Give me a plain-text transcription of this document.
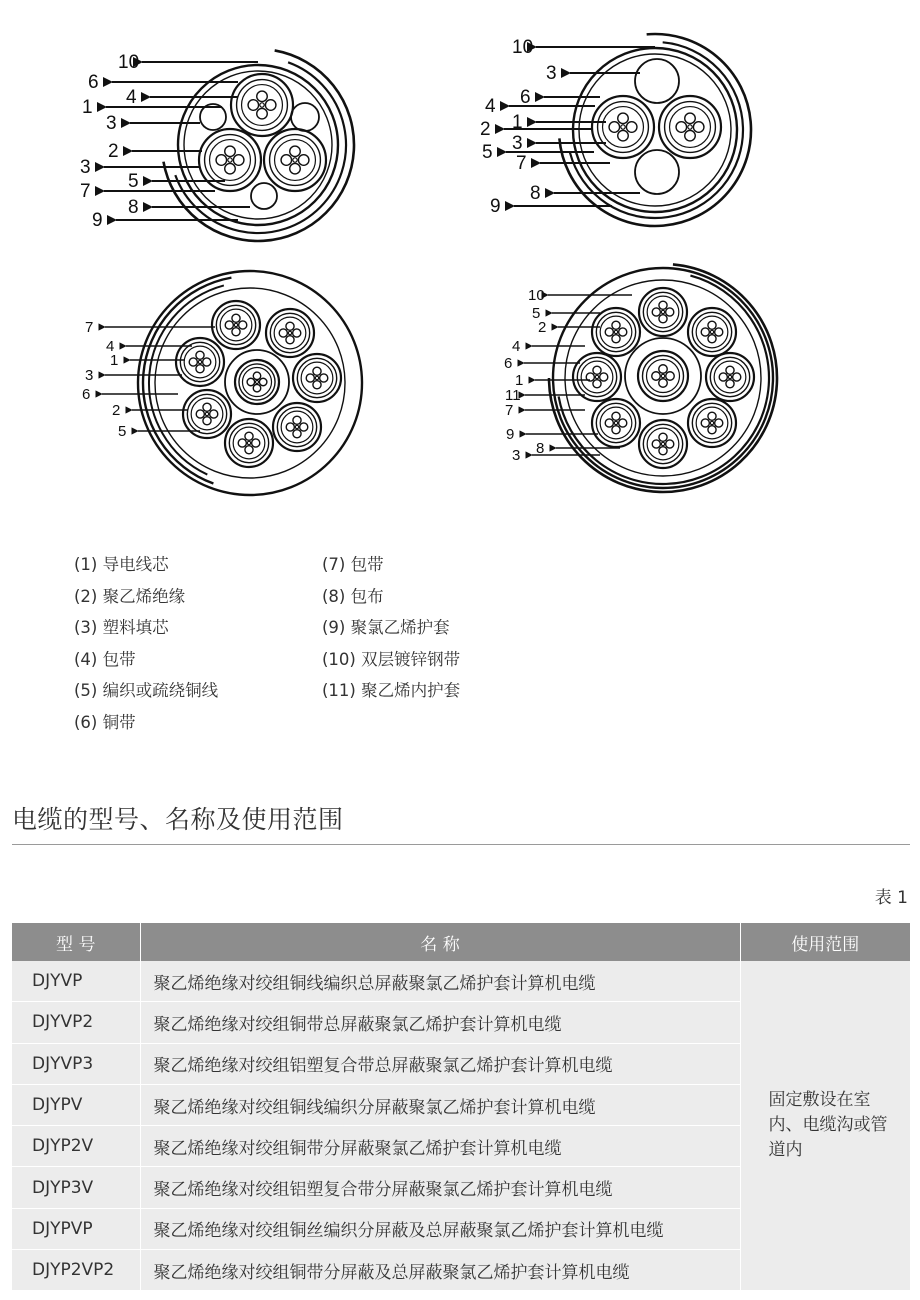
10
6
4
1
3
2
3
5
7
8
9
10
3
6
4
1
2
3
5
7
8
9
7
4
1
3
6
2
5
10
5
2
4
6
1
11
7
9
8
3
(1) 导电线芯
(2) 聚乙烯绝缘
(3) 塑料填芯
(4) 包带
(5) 编织或疏绕铜线
(6) 铜带
(7) 包带
(8) 包布
(9) 聚氯乙烯护套
(10) 双层镀锌钢带
(11) 聚乙烯内护套
电缆的型号、名称及使用范围
表 1
型 号	名 称	使用范围
DJYVP	聚乙烯绝缘对绞组铜线编织总屏蔽聚氯乙烯护套计算机电缆	固定敷设在室内、电缆沟或管道内
DJYVP2	聚乙烯绝缘对绞组铜带总屏蔽聚氯乙烯护套计算机电缆	
DJYVP3	聚乙烯绝缘对绞组铝塑复合带总屏蔽聚氯乙烯护套计算机电缆	
DJYPV	聚乙烯绝缘对绞组铜线编织分屏蔽聚氯乙烯护套计算机电缆	
DJYP2V	聚乙烯绝缘对绞组铜带分屏蔽聚氯乙烯护套计算机电缆	
DJYP3V	聚乙烯绝缘对绞组铝塑复合带分屏蔽聚氯乙烯护套计算机电缆	
DJYPVP	聚乙烯绝缘对绞组铜丝编织分屏蔽及总屏蔽聚氯乙烯护套计算机电缆	
DJYP2VP2	聚乙烯绝缘对绞组铜带分屏蔽及总屏蔽聚氯乙烯护套计算机电缆	
